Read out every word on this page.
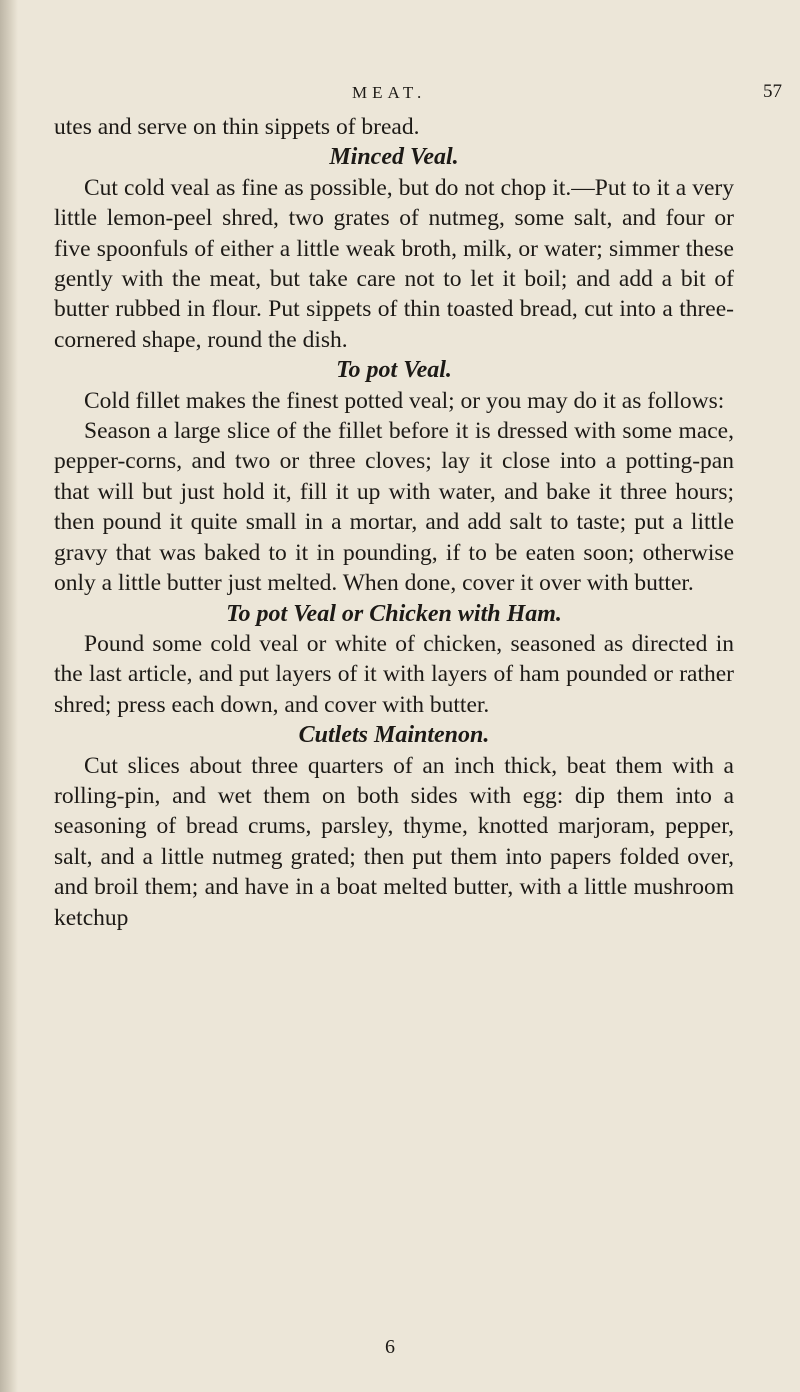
MEAT.	57

utes and serve on thin sippets of bread.

Minced Veal.

Cut cold veal as fine as possible, but do not chop it.—Put to it a very little lemon-peel shred, two grates of nutmeg, some salt, and four or five spoonfuls of either a little weak broth, milk, or water; simmer these gently with the meat, but take care not to let it boil; and add a bit of butter rubbed in flour. Put sippets of thin toasted bread, cut into a three-cornered shape, round the dish.

To pot Veal.

Cold fillet makes the finest potted veal; or you may do it as follows:

Season a large slice of the fillet before it is dressed with some mace, pepper-corns, and two or three cloves; lay it close into a potting-pan that will but just hold it, fill it up with water, and bake it three hours; then pound it quite small in a mortar, and add salt to taste; put a little gravy that was baked to it in pounding, if to be eaten soon; otherwise only a little butter just melted. When done, cover it over with butter.

To pot Veal or Chicken with Ham.

Pound some cold veal or white of chicken, seasoned as directed in the last article, and put layers of it with layers of ham pounded or rather shred; press each down, and cover with butter.

Cutlets Maintenon.

Cut slices about three quarters of an inch thick, beat them with a rolling-pin, and wet them on both sides with egg: dip them into a seasoning of bread crums, parsley, thyme, knotted marjoram, pepper, salt, and a little nutmeg grated; then put them into papers folded over, and broil them; and have in a boat melted butter, with a little mushroom ketchup

6
